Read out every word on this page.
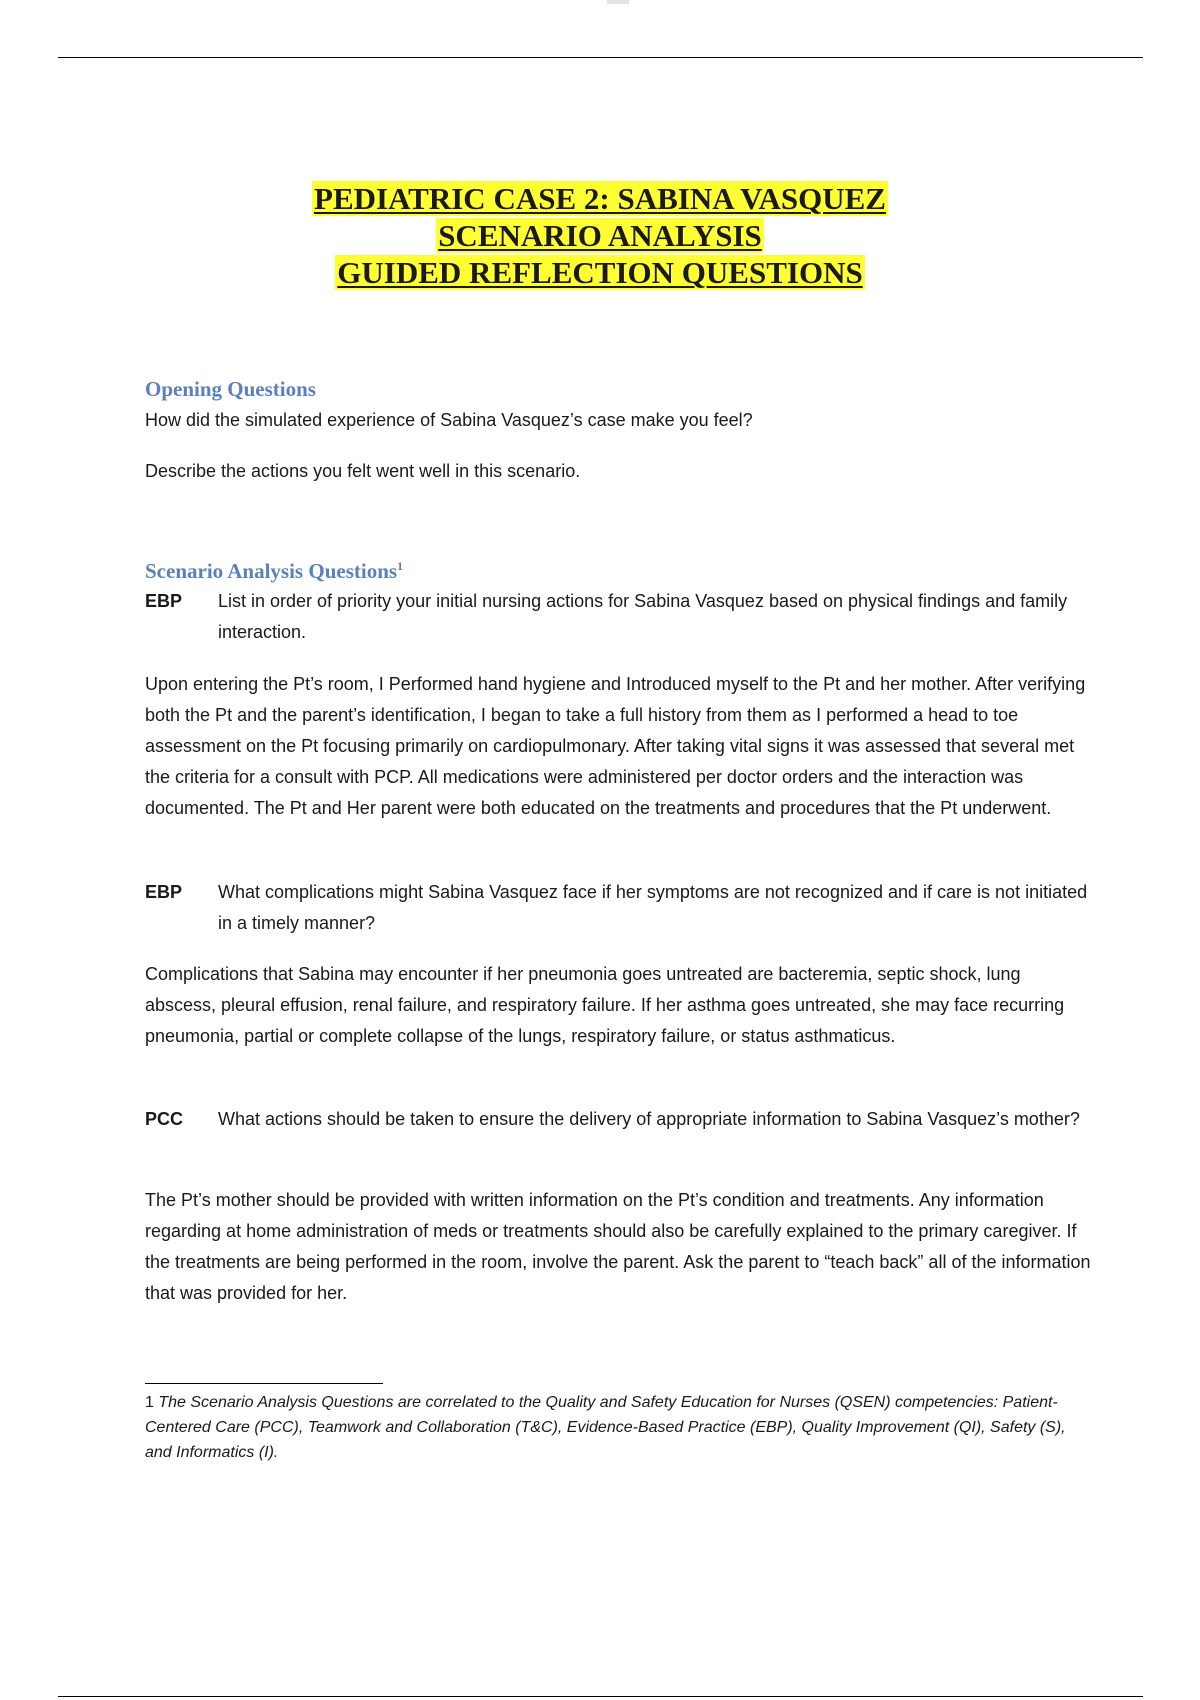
PEDIATRIC CASE 2: SABINA VASQUEZ
SCENARIO ANALYSIS
GUIDED REFLECTION QUESTIONS
Opening Questions
How did the simulated experience of Sabina Vasquez’s case make you feel?
Describe the actions you felt went well in this scenario.
Scenario Analysis Questions$^1$
EBP	List in order of priority your initial nursing actions for Sabina Vasquez based on physical findings and family interaction.
Upon entering the Pt’s room, I Performed hand hygiene and Introduced myself to the Pt and her mother. After verifying both the Pt and the parent’s identification, I began to take a full history from them as I performed a head to toe assessment on the Pt focusing primarily on cardiopulmonary. After taking vital signs it was assessed that several met the criteria for a consult with PCP. All medications were administered per doctor orders and the interaction was documented. The Pt and Her parent were both educated on the treatments and procedures that the Pt underwent.
EBP	What complications might Sabina Vasquez face if her symptoms are not recognized and if care is not initiated in a timely manner?
Complications that Sabina may encounter if her pneumonia goes untreated are bacteremia, septic shock, lung abscess, pleural effusion, renal failure, and respiratory failure. If her asthma goes untreated, she may face recurring pneumonia, partial or complete collapse of the lungs, respiratory failure, or status asthmaticus.
PCC	What actions should be taken to ensure the delivery of appropriate information to Sabina Vasquez’s mother?
The Pt’s mother should be provided with written information on the Pt’s condition and treatments. Any information regarding at home administration of meds or treatments should also be carefully explained to the primary caregiver. If the treatments are being performed in the room, involve the parent. Ask the parent to “teach back” all of the information that was provided for her.
1 The Scenario Analysis Questions are correlated to the Quality and Safety Education for Nurses (QSEN) competencies: Patient-Centered Care (PCC), Teamwork and Collaboration (T&C), Evidence-Based Practice (EBP), Quality Improvement (QI), Safety (S), and Informatics (I).
